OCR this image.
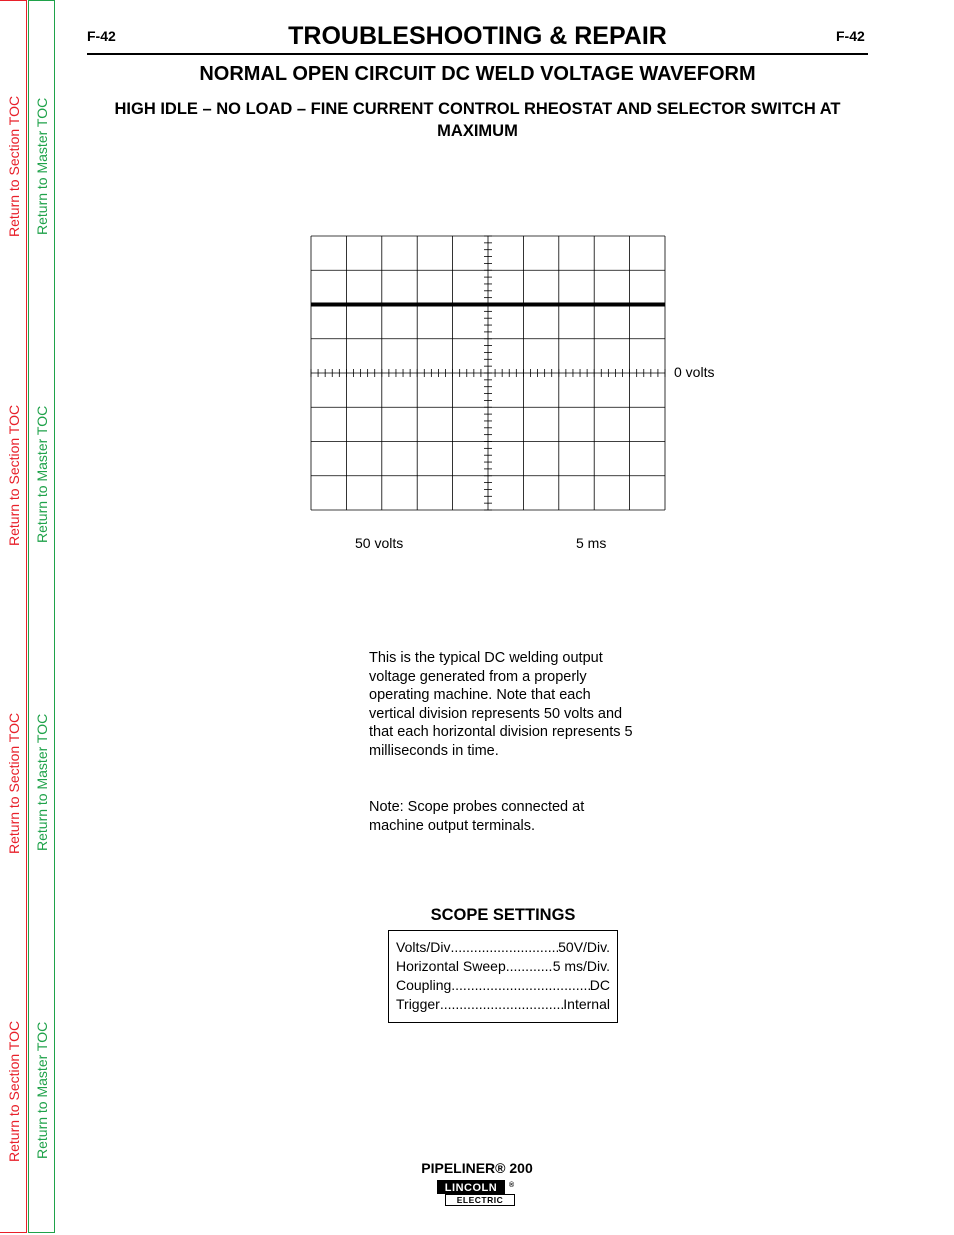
Return to Section TOC
Return to Section TOC
Return to Section TOC
Return to Section TOC
Return to Master TOC
Return to Master TOC
Return to Master TOC
Return to Master TOC
F-42	F-42
TROUBLESHOOTING & REPAIR
NORMAL OPEN CIRCUIT DC WELD VOLTAGE WAVEFORM
HIGH IDLE – NO LOAD – FINE CURRENT CONTROL RHEOSTAT AND SELECTOR SWITCH AT MAXIMUM
0 volts
50 volts	5 ms
This is the typical DC welding output voltage generated from a properly operating machine. Note that each vertical division represents 50 volts and that each horizontal division represents 5 milliseconds in time.
Note: Scope probes connected at machine output terminals.
SCOPE SETTINGS
Volts/Div .....	50V/Div.
Horizontal Sweep .....	5 ms/Div.
Coupling .....	DC
Trigger .....	Internal
PIPELINER® 200
LINCOLN
ELECTRIC
®
